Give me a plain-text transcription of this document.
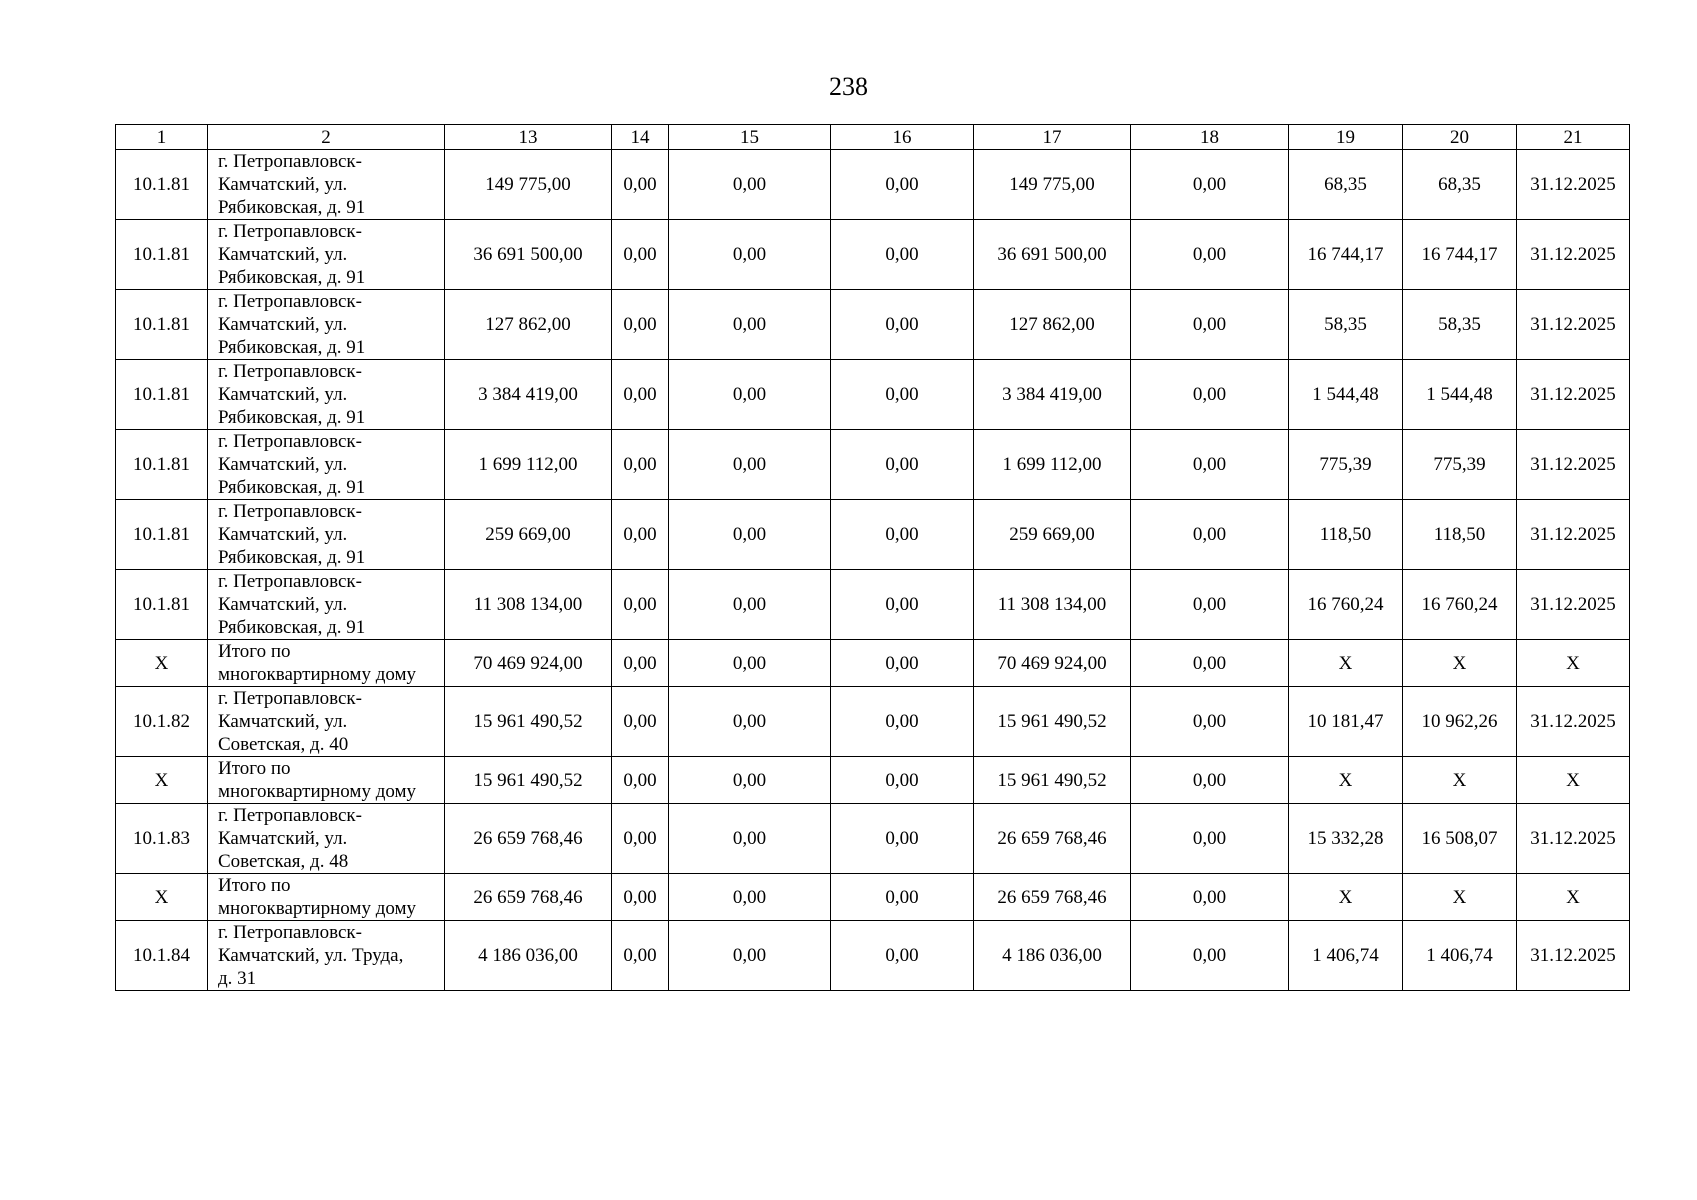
238
1	2	13	14	15	16	17	18	19	20	21
10.1.81	г. Петропавловск-
Камчатский, ул.
Рябиковская, д. 91	149 775,00	0,00	0,00	0,00	149 775,00	0,00	68,35	68,35	31.12.2025
10.1.81	г. Петропавловск-
Камчатский, ул.
Рябиковская, д. 91	36 691 500,00	0,00	0,00	0,00	36 691 500,00	0,00	16 744,17	16 744,17	31.12.2025
10.1.81	г. Петропавловск-
Камчатский, ул.
Рябиковская, д. 91	127 862,00	0,00	0,00	0,00	127 862,00	0,00	58,35	58,35	31.12.2025
10.1.81	г. Петропавловск-
Камчатский, ул.
Рябиковская, д. 91	3 384 419,00	0,00	0,00	0,00	3 384 419,00	0,00	1 544,48	1 544,48	31.12.2025
10.1.81	г. Петропавловск-
Камчатский, ул.
Рябиковская, д. 91	1 699 112,00	0,00	0,00	0,00	1 699 112,00	0,00	775,39	775,39	31.12.2025
10.1.81	г. Петропавловск-
Камчатский, ул.
Рябиковская, д. 91	259 669,00	0,00	0,00	0,00	259 669,00	0,00	118,50	118,50	31.12.2025
10.1.81	г. Петропавловск-
Камчатский, ул.
Рябиковская, д. 91	11 308 134,00	0,00	0,00	0,00	11 308 134,00	0,00	16 760,24	16 760,24	31.12.2025
X	Итого по
многоквартирному дому	70 469 924,00	0,00	0,00	0,00	70 469 924,00	0,00	X	X	X
10.1.82	г. Петропавловск-
Камчатский, ул.
Советская, д. 40	15 961 490,52	0,00	0,00	0,00	15 961 490,52	0,00	10 181,47	10 962,26	31.12.2025
X	Итого по
многоквартирному дому	15 961 490,52	0,00	0,00	0,00	15 961 490,52	0,00	X	X	X
10.1.83	г. Петропавловск-
Камчатский, ул.
Советская, д. 48	26 659 768,46	0,00	0,00	0,00	26 659 768,46	0,00	15 332,28	16 508,07	31.12.2025
X	Итого по
многоквартирному дому	26 659 768,46	0,00	0,00	0,00	26 659 768,46	0,00	X	X	X
10.1.84	г. Петропавловск-
Камчатский, ул. Труда,
д. 31	4 186 036,00	0,00	0,00	0,00	4 186 036,00	0,00	1 406,74	1 406,74	31.12.2025
